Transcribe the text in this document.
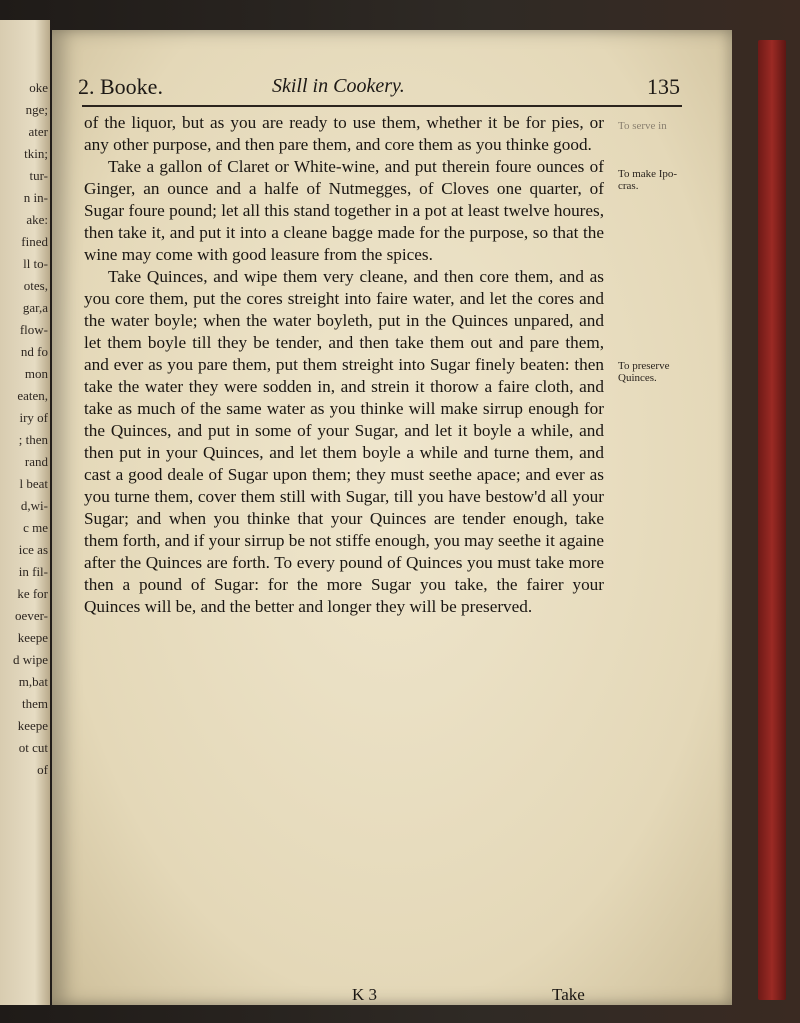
oke
nge;
ater
tkin;
tur-
n in-
ake:
fined
ll to-
otes,
gar,a
flow-
nd fo
mon
eaten,
iry of
; then
rand
l beat
d,wi-
c me
ice as
in fil-
ke for
oever-
keepe
d wipe
m,bat
them
keepe
ot cut
of
2. Booke.	Skill in Cookery.	135

of the liquor, but as you are ready to use them, whether it be for pies, or any other purpose, and then pare them, and core them as you thinke good.

Take a gallon of Claret or White-wine, and put therein foure ounces of Ginger, an ounce and a halfe of Nutmegges, of Cloves one quarter, of Sugar foure pound; let all this stand together in a pot at least twelve houres, then take it, and put it into a cleane bagge made for the purpose, so that the wine may come with good leasure from the spices.

Take Quinces, and wipe them very cleane, and then core them, and as you core them, put the cores streight into faire water, and let the cores and the water boyle; when the water boyleth, put in the Quinces unpared, and let them boyle till they be tender, and then take them out and pare them, and ever as you pare them, put them streight into Sugar finely beaten: then take the water they were sodden in, and strein it thorow a faire cloth, and take as much of the same water as you thinke will make sirrup enough for the Quinces, and put in some of your Sugar, and let it boyle a while, and then put in your Quinces, and let them boyle a while and turne them, and cast a good deale of Sugar upon them; they must seethe apace; and ever as you turne them, cover them still with Sugar, till you have bestow'd all your Sugar; and when you thinke that your Quinces are tender enough, take them forth, and if your sirrup be not stiffe enough, you may seethe it againe after the Quinces are forth. To every pound of Quinces you must take more then a pound of Sugar: for the more Sugar you take, the fairer your Quinces will be, and the better and longer they will be preserved.

To serve in
To make Ipo-cras.
To preserve Quinces.
K 3	Take
